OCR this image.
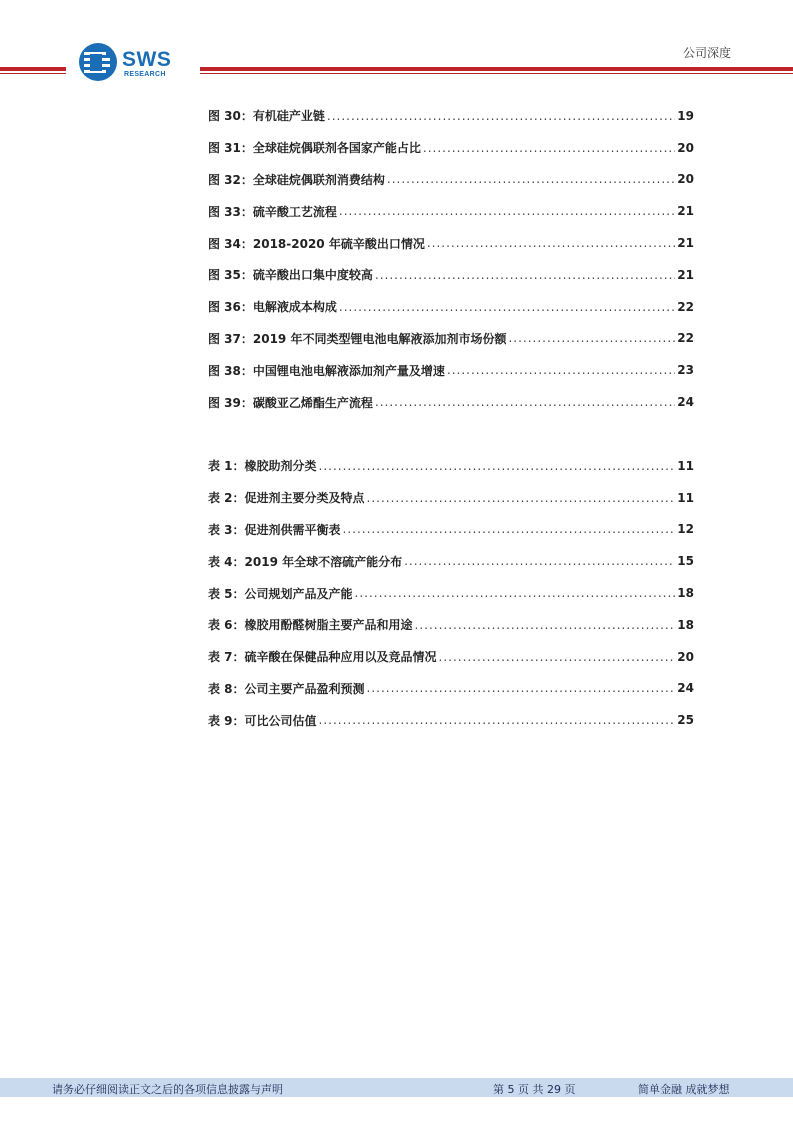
SWS
RESEARCH
公司深度
图 30：有机硅产业链 .....	19
图 31：全球硅烷偶联剂各国家产能占比 .....	20
图 32：全球硅烷偶联剂消费结构 .....	20
图 33：硫辛酸工艺流程 .....	21
图 34：2018-2020 年硫辛酸出口情况 .....	21
图 35：硫辛酸出口集中度较高 .....	21
图 36：电解液成本构成 .....	22
图 37：2019 年不同类型锂电池电解液添加剂市场份额 .....	22
图 38：中国锂电池电解液添加剂产量及增速 .....	23
图 39：碳酸亚乙烯酯生产流程 .....	24
表 1：橡胶助剂分类 .....	11
表 2：促进剂主要分类及特点 .....	11
表 3：促进剂供需平衡表 .....	12
表 4：2019 年全球不溶硫产能分布 .....	15
表 5：公司规划产品及产能 .....	18
表 6：橡胶用酚醛树脂主要产品和用途 .....	18
表 7：硫辛酸在保健品种应用以及竞品情况 .....	20
表 8：公司主要产品盈利预测 .....	24
表 9：可比公司估值 .....	25
请务必仔细阅读正文之后的各项信息披露与声明	第 5 页 共 29 页	简单金融 成就梦想
